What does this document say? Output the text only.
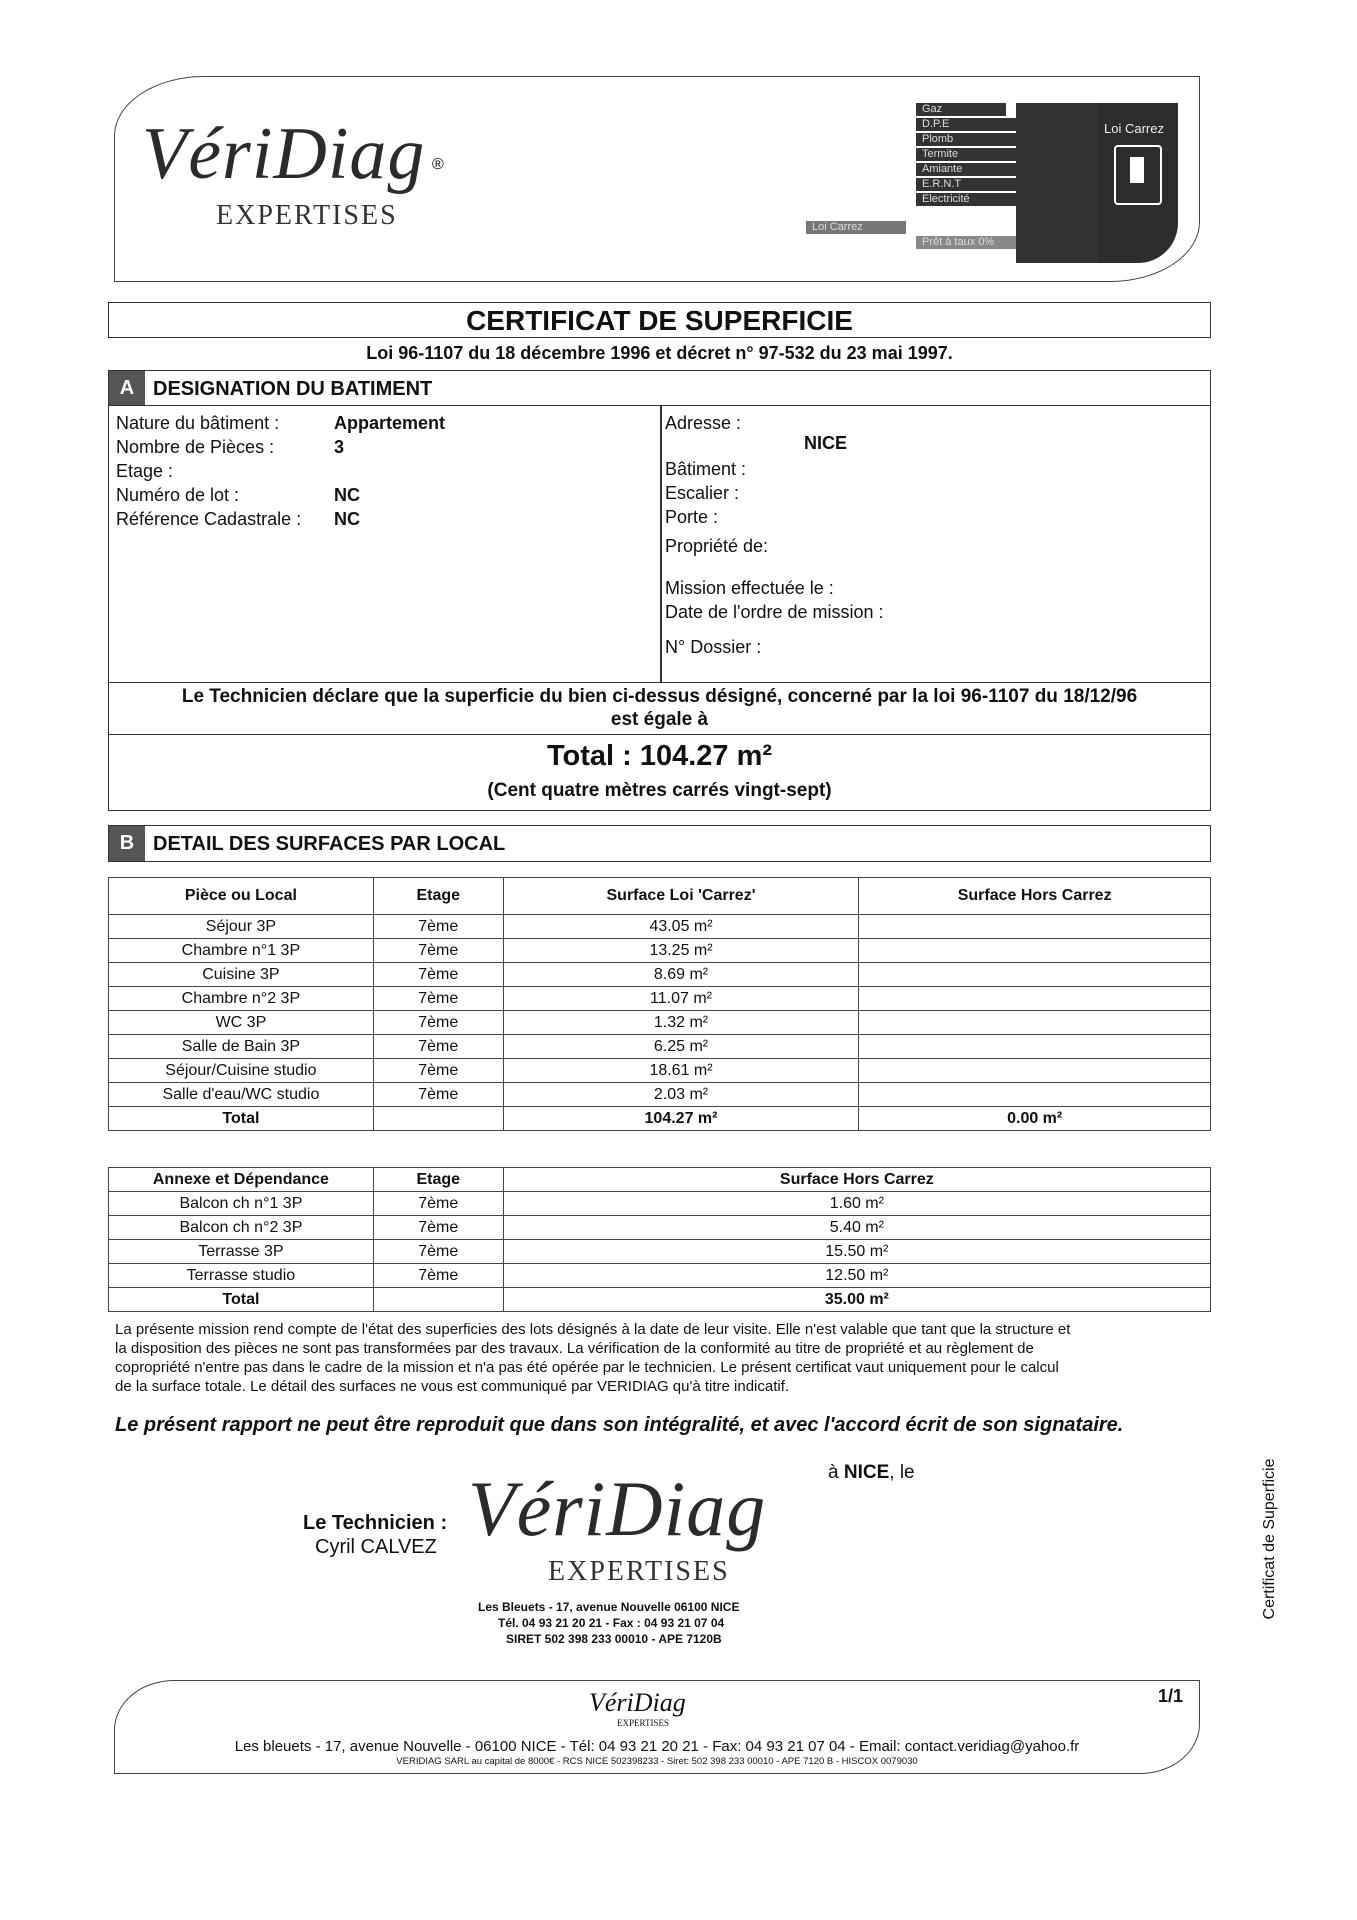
VériDiag ®
EXPERTISES
Gaz
D.P.E
Plomb
Termite
Amiante
E.R.N.T
Electricité
Loi Carrez
Prêt à taux 0%
Loi Carrez
CERTIFICAT DE SUPERFICIE
Loi 96-1107 du 18 décembre 1996 et décret n° 97-532 du 23 mai 1997.
A DESIGNATION DU BATIMENT
Nature du bâtiment :	Appartement
Nombre de Pièces :	3
Etage :
Numéro de lot :	NC
Référence Cadastrale : NC
Adresse :
NICE
Bâtiment :
Escalier :
Porte :
Propriété de:
Mission effectuée le :
Date de l'ordre de mission :
N° Dossier :
Le Technicien déclare que la superficie du bien ci-dessus désigné, concerné par la loi 96-1107 du 18/12/96
est égale à
Total : 104.27 m²
(Cent quatre mètres carrés vingt-sept)
B DETAIL DES SURFACES PAR LOCAL
Pièce ou Local	Etage	Surface Loi 'Carrez'	Surface Hors Carrez
Séjour 3P	7ème	43.05 m²	
Chambre n°1 3P	7ème	13.25 m²	
Cuisine 3P	7ème	8.69 m²	
Chambre n°2 3P	7ème	11.07 m²	
WC 3P	7ème	1.32 m²	
Salle de Bain 3P	7ème	6.25 m²	
Séjour/Cuisine studio	7ème	18.61 m²	
Salle d'eau/WC studio	7ème	2.03 m²	
Total		104.27 m²	0.00 m²
Annexe et Dépendance	Etage	Surface Hors Carrez
Balcon ch n°1 3P	7ème	1.60 m²
Balcon ch n°2 3P	7ème	5.40 m²
Terrasse 3P	7ème	15.50 m²
Terrasse studio	7ème	12.50 m²
Total		35.00 m²
La présente mission rend compte de l'état des superficies des lots désignés à la date de leur visite. Elle n'est valable que tant que la structure et
la disposition des pièces ne sont pas transformées par des travaux. La vérification de la conformité au titre de propriété et au règlement de
copropriété n'entre pas dans le cadre de la mission et n'a pas été opérée par le technicien. Le présent certificat vaut uniquement pour le calcul
de la surface totale. Le détail des surfaces ne vous est communiqué par VERIDIAG qu'à titre indicatif.
Le présent rapport ne peut être reproduit que dans son intégralité, et avec l'accord écrit de son signataire.
à NICE, le
Le Technicien :
Cyril CALVEZ VériDiag
EXPERTISES
Les Bleuets - 17, avenue Nouvelle 06100 NICE
Tél. 04 93 21 20 21 - Fax : 04 93 21 07 04
SIRET 502 398 233 00010 - APE 7120B
Certificat de Superficie
1/1
VériDiag
EXPERTISES
Les bleuets - 17, avenue Nouvelle - 06100 NICE - Tél: 04 93 21 20 21 - Fax: 04 93 21 07 04 - Email: contact.veridiag@yahoo.fr
VERIDIAG SARL au capital de 8000€ - RCS NICE 502398233 - Siret: 502 398 233 00010 - APE 7120 B - HISCOX 0079030
